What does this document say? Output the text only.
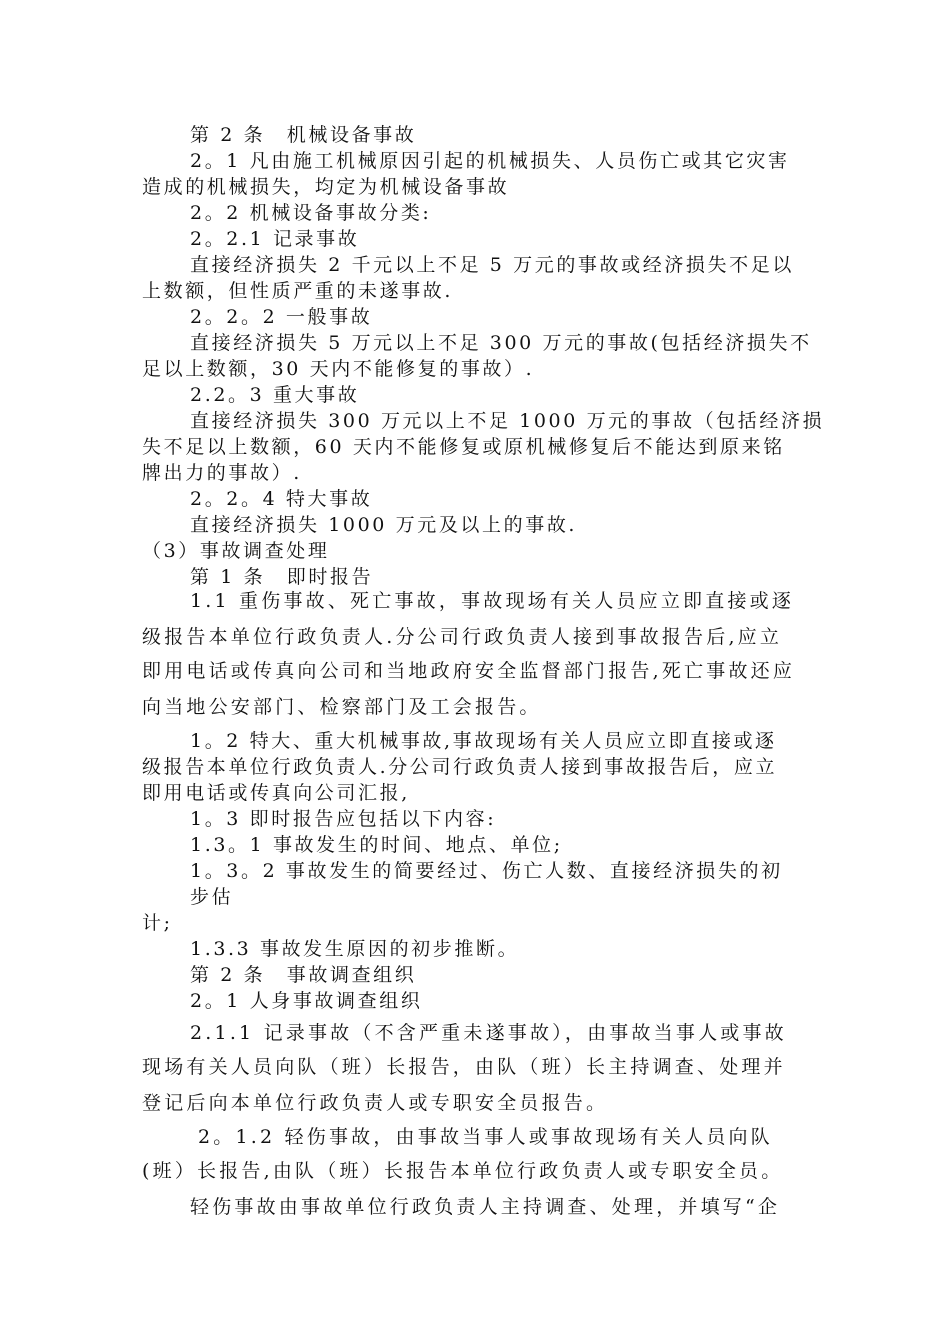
第 2 条　机械设备事故
2。1 凡由施工机械原因引起的机械损失、人员伤亡或其它灾害
造成的机械损失，均定为机械设备事故
2。2 机械设备事故分类:
2。2.1 记录事故
直接经济损失 2 千元以上不足 5 万元的事故或经济损失不足以
上数额，但性质严重的未遂事故.
2。2。2 一般事故
直接经济损失 5 万元以上不足 300 万元的事故(包括经济损失不
足以上数额，30 天内不能修复的事故）.
2.2。3 重大事故
直接经济损失 300 万元以上不足 1000 万元的事故（包括经济损
失不足以上数额，60 天内不能修复或原机械修复后不能达到原来铭
牌出力的事故）.
2。2。4 特大事故
直接经济损失 1000 万元及以上的事故.
（3）事故调查处理
第 1 条　即时报告
1.1 重伤事故、死亡事故，事故现场有关人员应立即直接或逐
级报告本单位行政负责人.分公司行政负责人接到事故报告后,应立
即用电话或传真向公司和当地政府安全监督部门报告,死亡事故还应
向当地公安部门、检察部门及工会报告。
1。2 特大、重大机械事故,事故现场有关人员应立即直接或逐
级报告本单位行政负责人.分公司行政负责人接到事故报告后，应立
即用电话或传真向公司汇报,
1。3 即时报告应包括以下内容:
1.3。1 事故发生的时间、地点、单位;
1。3。2 事故发生的简要经过、伤亡人数、直接经济损失的初
步估
计;
1.3.3 事故发生原因的初步推断。
第 2 条　事故调查组织
2。1 人身事故调查组织
2.1.1 记录事故（不含严重未遂事故），由事故当事人或事故
现场有关人员向队（班）长报告，由队（班）长主持调查、处理并
登记后向本单位行政负责人或专职安全员报告。
2。1.2 轻伤事故，由事故当事人或事故现场有关人员向队
(班）长报告,由队（班）长报告本单位行政负责人或专职安全员。
轻伤事故由事故单位行政负责人主持调查、处理，并填写“企
